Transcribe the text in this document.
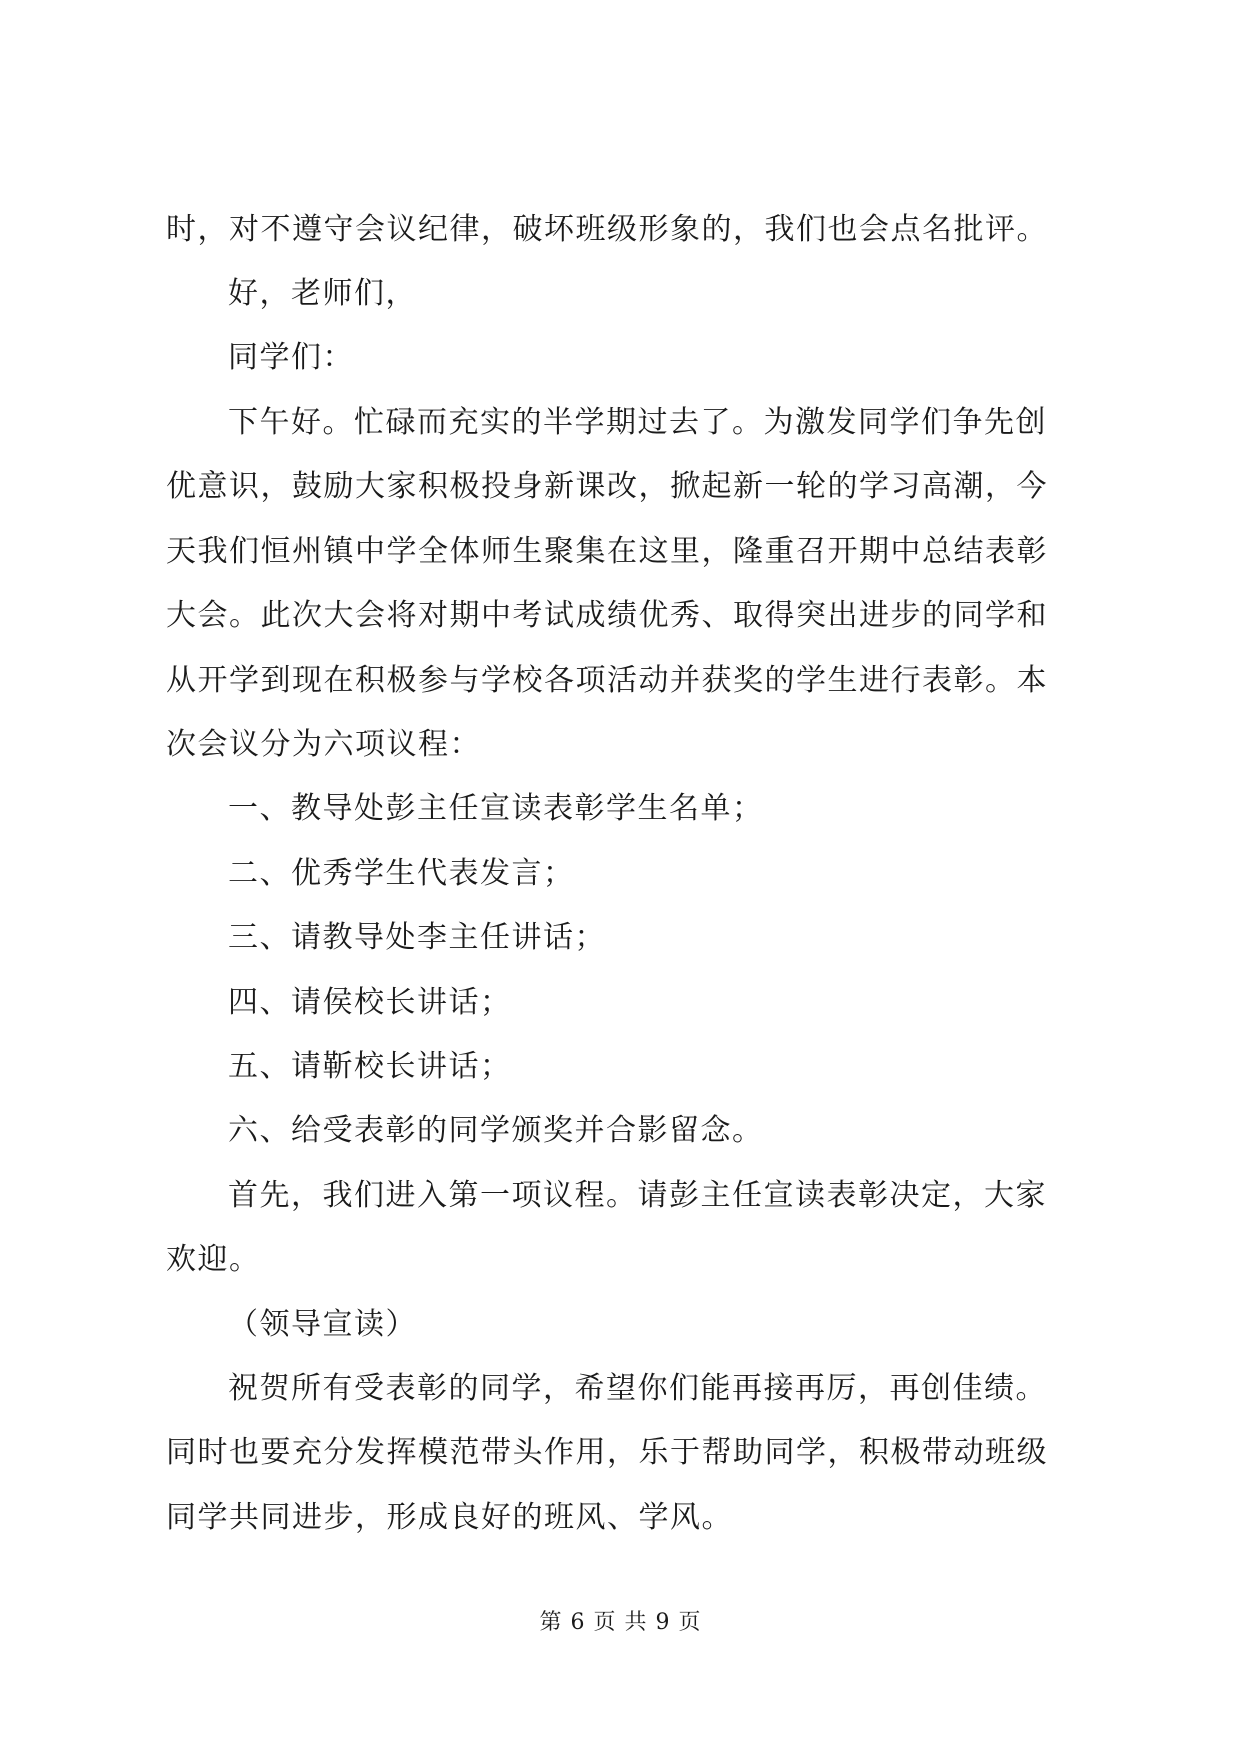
时，对不遵守会议纪律，破坏班级形象的，我们也会点名批评。
好，老师们，
同学们：
下午好。忙碌而充实的半学期过去了。为激发同学们争先创
优意识，鼓励大家积极投身新课改，掀起新一轮的学习高潮，今
天我们恒州镇中学全体师生聚集在这里，隆重召开期中总结表彰
大会。此次大会将对期中考试成绩优秀、取得突出进步的同学和
从开学到现在积极参与学校各项活动并获奖的学生进行表彰。本
次会议分为六项议程：
一、教导处彭主任宣读表彰学生名单；
二、优秀学生代表发言；
三、请教导处李主任讲话；
四、请侯校长讲话；
五、请靳校长讲话；
六、给受表彰的同学颁奖并合影留念。
首先，我们进入第一项议程。请彭主任宣读表彰决定，大家
欢迎。
（领导宣读）
祝贺所有受表彰的同学，希望你们能再接再厉，再创佳绩。
同时也要充分发挥模范带头作用，乐于帮助同学，积极带动班级
同学共同进步，形成良好的班风、学风。
第 6 页 共 9 页
